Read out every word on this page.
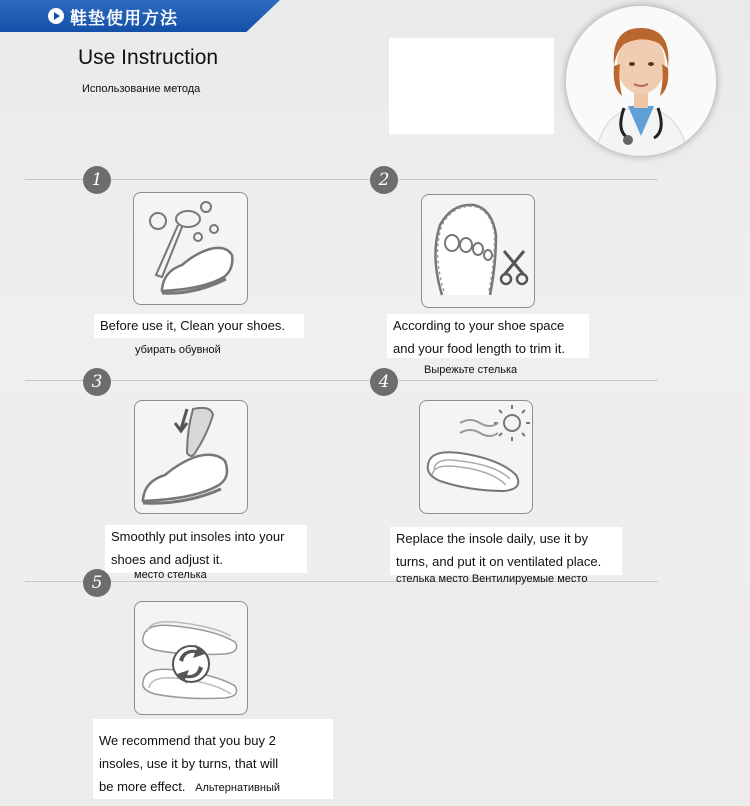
鞋垫使用方法
Use Instruction
Использование метода
1
Before use it, Clean your shoes.
убирать обувной
2
According to your shoe space
and your food length to trim it.
Вырежьте стелька
3
Smoothly put insoles into your
shoes and adjust it.
место стелька
4
Replace the insole daily, use it by
turns, and put it on ventilated place.
стелька место Вентилируемые место
5
We recommend that you buy 2
insoles, use it by turns, that will
be more effect. Альтернативный
